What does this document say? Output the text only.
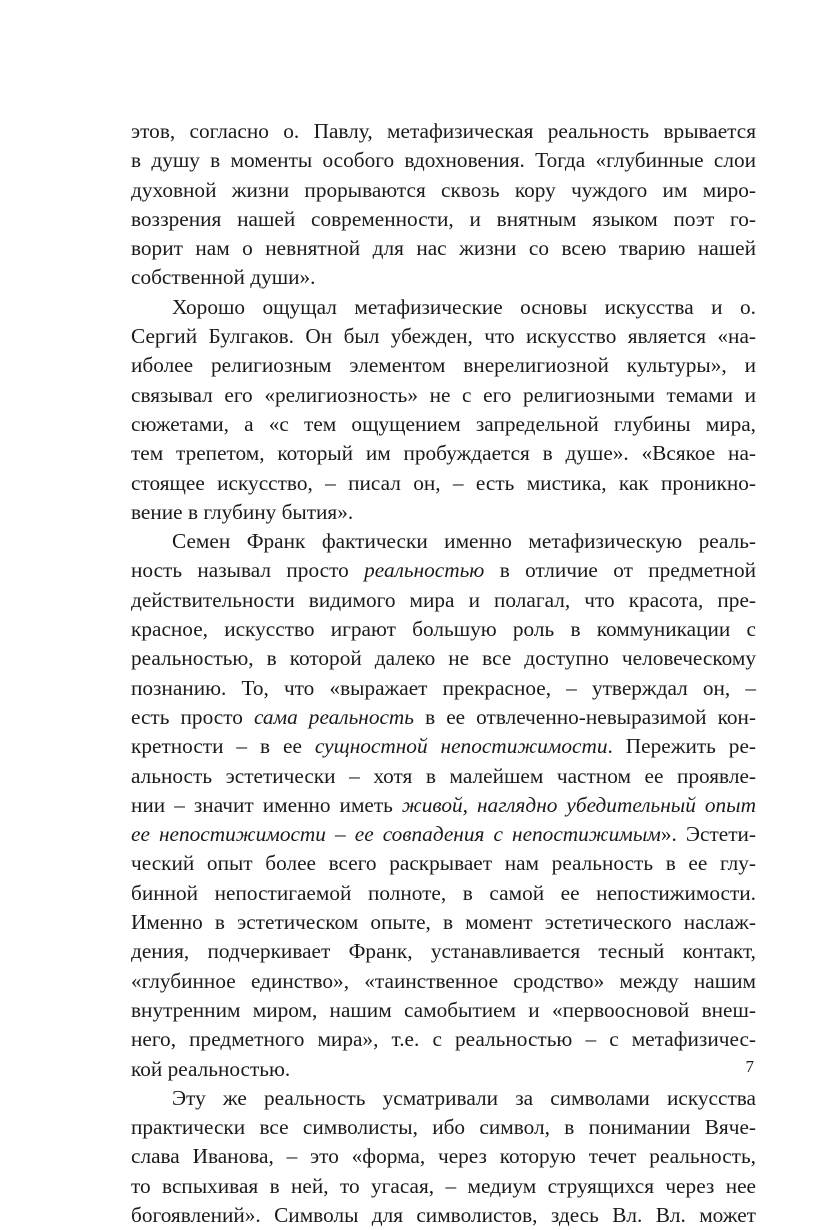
этов, согласно о. Павлу, метафизическая реальность врывается
в душу в моменты особого вдохновения. Тогда «глубинные слои
духовной жизни прорываются сквозь кору чуждого им миро-
воззрения нашей современности, и внятным языком поэт го-
ворит нам о невнятной для нас жизни со всею тварию нашей
собственной души».
Хорошо ощущал метафизические основы искусства и о.
Сергий Булгаков. Он был убежден, что искусство является «на-
иболее религиозным элементом внерелигиозной культуры», и
связывал его «религиозность» не с его религиозными темами и
сюжетами, а «с тем ощущением запредельной глубины мира,
тем трепетом, который им пробуждается в душе». «Всякое на-
стоящее искусство, – писал он, – есть мистика, как проникно-
вение в глубину бытия».
Семен Франк фактически именно метафизическую реаль-
ность называл просто реальностью в отличие от предметной
действительности видимого мира и полагал, что красота, пре-
красное, искусство играют большую роль в коммуникации с
реальностью, в которой далеко не все доступно человеческому
познанию. То, что «выражает прекрасное, – утверждал он, –
есть просто сама реальность в ее отвлеченно-невыразимой кон-
кретности – в ее сущностной непостижимости. Пережить ре-
альность эстетически – хотя в малейшем частном ее проявле-
нии – значит именно иметь живой, наглядно убедительный опыт
ее непостижимости – ее совпадения с непостижимым». Эстети-
ческий опыт более всего раскрывает нам реальность в ее глу-
бинной непостигаемой полноте, в самой ее непостижимости.
Именно в эстетическом опыте, в момент эстетического наслаж-
дения, подчеркивает Франк, устанавливается тесный контакт,
«глубинное единство», «таинственное сродство» между нашим
внутренним миром, нашим самобытием и «первоосновой внеш-
него, предметного мира», т.е. с реальностью – с метафизичес-
кой реальностью.
Эту же реальность усматривали за символами искусства
практически все символисты, ибо символ, в понимании Вяче-
слава Иванова, – это «форма, через которую течет реальность,
то вспыхивая в ней, то угасая, – медиум струящихся через нее
богоявлений». Символы для символистов, здесь Вл. Вл. может
7
